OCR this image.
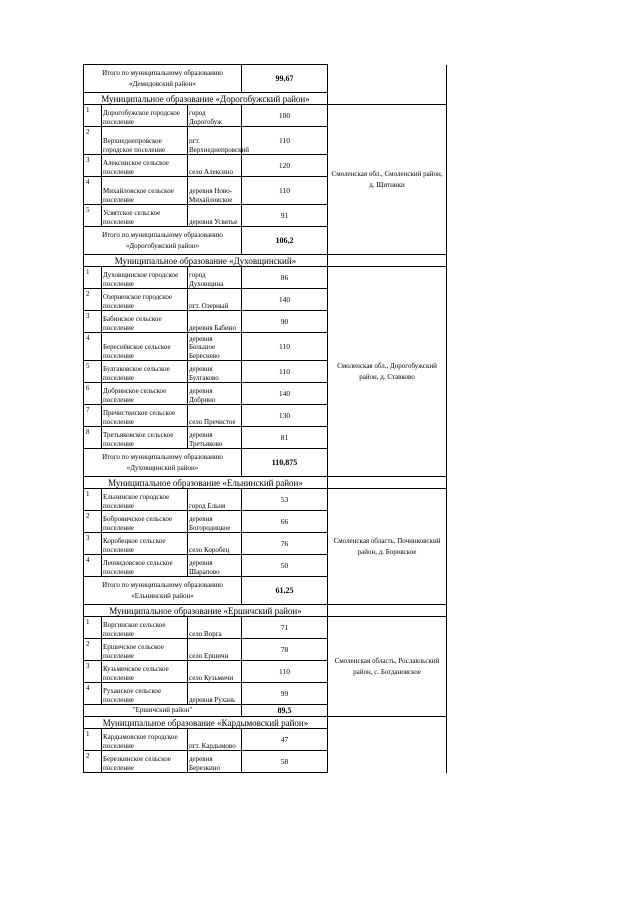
Итого по муниципальному образованию «Демидовский район»			99,67	
Муниципальное образование «Дорогобужский район»				
1	Дорогобужское городское поселение	город Дорогобуж	100	Смоленская обл., Смоленский район, д. Щитники
2	Верхнеднепровское городское поселение	пгт. Верхнеднепровский	110	
3	Алексинское сельское поселение	село Алексино	120	
4	Михайловское сельское поселение	деревня Ново-Михайловское	110	
5	Усвятское сельское поселение	деревня Усвятье	91	
Итого по муниципальному образованию «Дорогобужский район»			106,2	
Муниципальное образование «Духовщинский»				
1	Духовщинское городское поселение	город Духовщина	86	Смоленская обл., Дорогобужский район, д. Ставково
2	Озерненское городское поселение	пгт. Озерный	140	
3	Бабинское сельское поселение	деревня Бабино	90	
4	Береснёвское сельское поселение	деревня Большое Береснево	110	
5	Булгаковское сельское поселение	деревня Булгаково	110	
6	Добринское сельское поселение	деревня Добрино	140	
7	Пречистенское сельское поселение	село Пречистое	130	
8	Третьяковское сельское поселение	деревня Третьяково	81	
Итого по муниципальному образованию «Духовщинский район»			110,875	
Муниципальное образование «Ельнинский район»				
1	Ельнинское городское поселение	город Ельня	53	Смоленская область, Починковский район, д. Боровское
2	Бобровичское сельское поселение	деревня Богородицкое	66	
3	Коробецкое сельское поселение	село Коробец	76	
4	Леонидовское сельское поселение	деревня Шарапово	50	
Итого по муниципальному образованию «Ельнинский район»			61,25	
Муниципальное образование «Ершичский район»				
1	Воргинское сельское поселение	село Ворга	71	Смоленская область, Рославльский район, с. Богдановское
2	Ершичское сельское поселение	село Ершичи	78	
3	Кузьмичское сельское поселение	село Кузьмичи	110	
4	Руханское сельское поселение	деревня Рухань	99	
"Ершичский район"			89,5	
Муниципальное образование «Кардымовский район»				
1	Кардымовское городское поселение	пгт. Кардымово	47	
2	Березкинское сельское поселение	деревня Березкино	58	
